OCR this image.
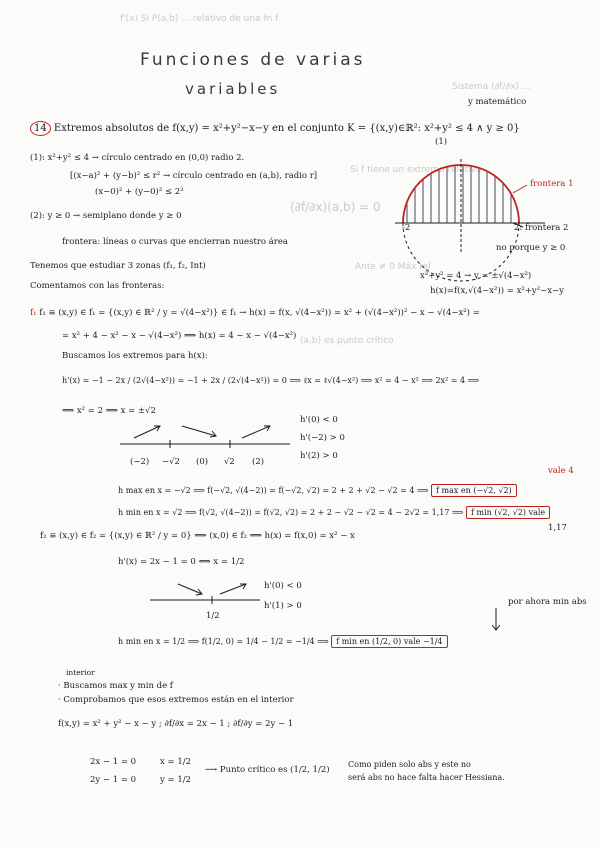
f'(x) Si P(a,b) ... relativo de una fn f
Sistema (∂f/∂x) ...
Si f tiene un extremo relativo
(∂f/∂x)(a,b) = 0
Ante ≠ 0 Máx rel
(a,b) es punto crítico
Funciones de varias
variables
y matemático
14 Extremos absolutos de f(x,y) = x²+y²−x−y en el conjunto K = {(x,y)∈ℝ²: x²+y² ≤ 4 ∧ y ≥ 0}
(1)
(1): x²+y² ≤ 4 → círculo centrado en (0,0) radio 2.
[(x−a)² + (y−b)² ≤ r² → círculo centrado en (a,b), radio r]
(x−0)² + (y−0)² ≤ 2²
(2): y ≥ 0 → semiplano donde y ≥ 0
frontera: líneas o curvas que encierran nuestro área
Tenemos que estudiar 3 zonas (f₁, f₂, Int)
Comentamos con las fronteras:
frontera 1
-2	2: frontera 2
no porque y ≥ 0
x²+y² = 4 → y = ±√(4−x²)
h(x)=f(x,√(4−x²)) = x²+y²−x−y
f₁ f₁ ≡ (x,y) ∈ f₁ = {(x,y) ∈ ℝ² / y = √(4−x²)} ∈ f₁ → h(x) = f(x, √(4−x²)) = x² + (√(4−x²))² − x − √(4−x²) =
= x² + 4 − x² − x − √(4−x²) ⟹ h(x) = 4 − x − √(4−x²)
Buscamos los extremos para h(x):
h'(x) = −1 − 2x / (2√(4−x²)) = −1 + 2x / (2√(4−x²)) = 0 ⟹ ℓx = ℓ√(4−x²) ⟹ x² = 4 − x² ⟹ 2x² = 4 ⟹
⟹ x² = 2 ⟹ x = ±√2
h'(0) < 0
h'(−2) > 0
h'(2) > 0
(−2) −√2 (0) √2 (2)
vale 4
h max en x = −√2 ⟹ f(−√2, √(4−2)) = f(−√2, √2) = 2 + 2 + √2 − √2 = 4 ⟹ f max en (−√2, √2)
h min en x = √2 ⟹ f(√2, √(4−2)) = f(√2, √2) = 2 + 2 − √2 − √2 = 4 − 2√2 = 1,17 ⟹ f min (√2, √2) vale
1,17
f₂ ≡ (x,y) ∈ f₂ = {(x,y) ∈ ℝ² / y = 0} ⟹ (x,0) ∈ f₂ ⟹ h(x) = f(x,0) = x² − x
h'(x) = 2x − 1 = 0 ⟺ x = 1/2
h'(0) < 0
h'(1) > 0
1/2
por ahora min abs
h min en x = 1/2 ⟹ f(1/2, 0) = 1/4 − 1/2 = −1/4 ⟹ f min en (1/2, 0) vale −1/4
interior
· Buscamos max y min de f
· Comprobamos que esos extremos están en el interior
f(x,y) = x² + y² − x − y ; ∂f/∂x = 2x − 1 ; ∂f/∂y = 2y − 1
2x − 1 = 0
2y − 1 = 0
x = 1/2
y = 1/2
⟶ Punto crítico es (1/2, 1/2)
Como piden solo abs y este no
será abs no hace falta hacer Hessiana.
